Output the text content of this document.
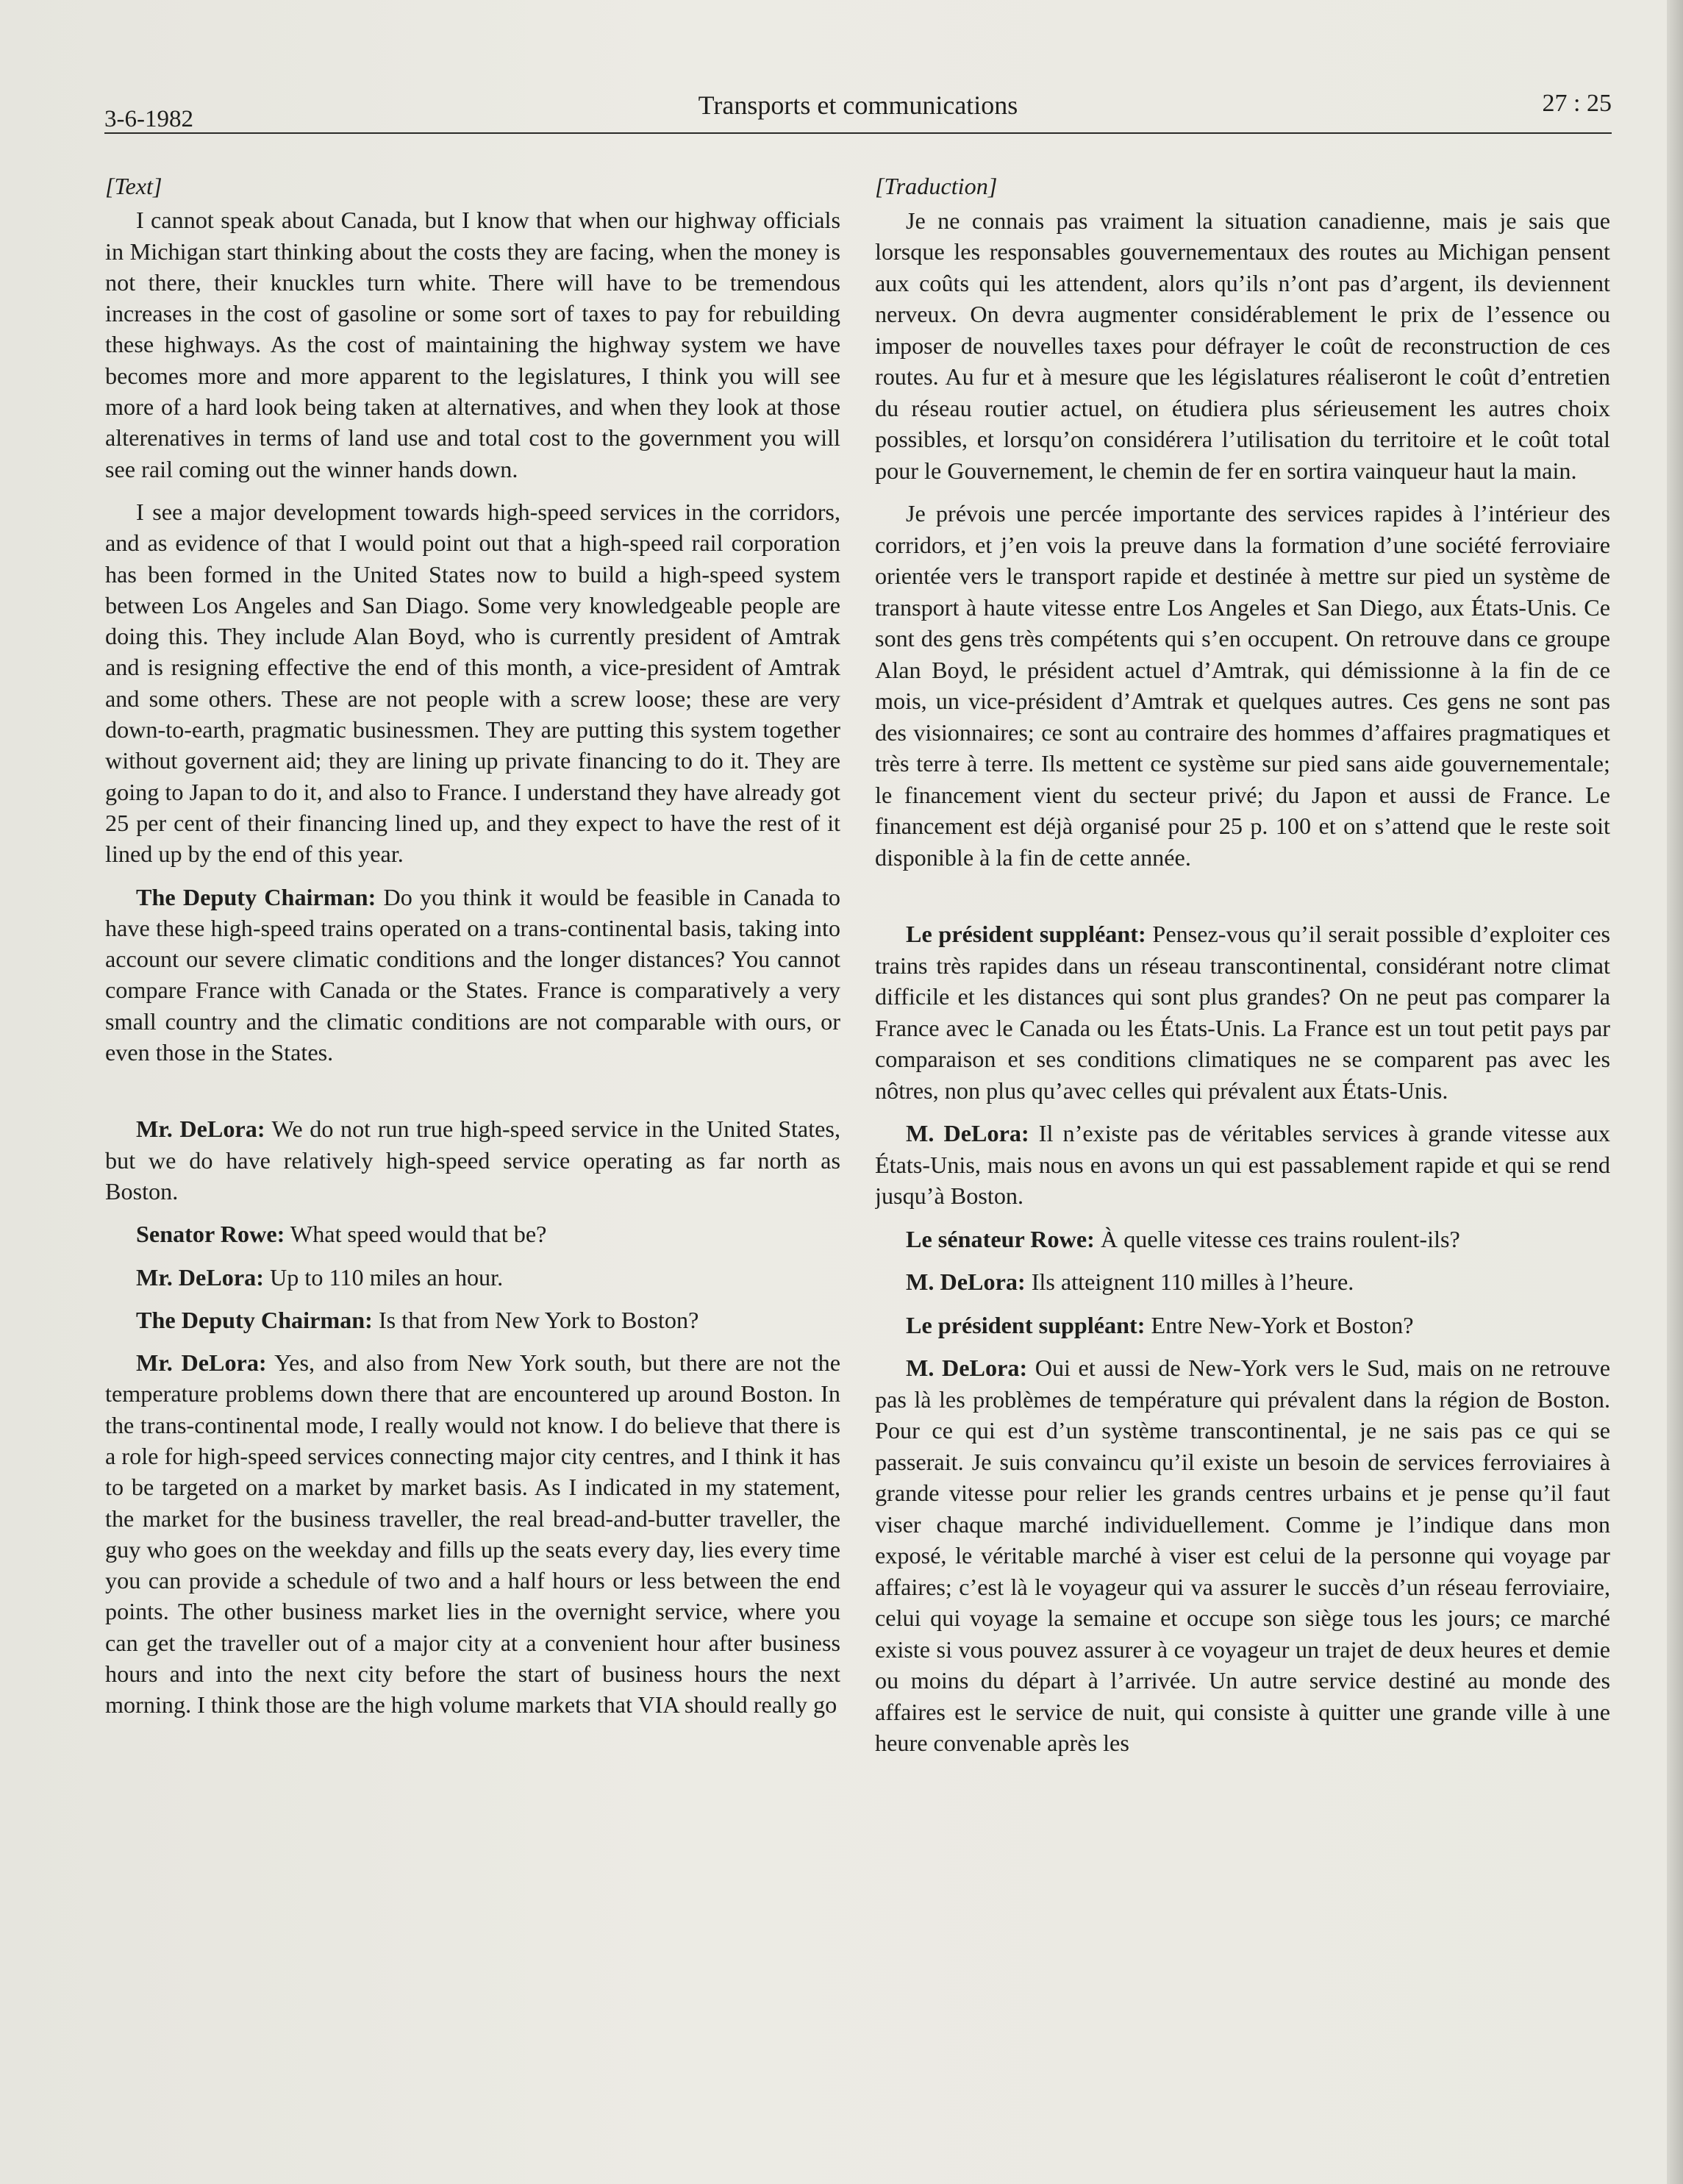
3-6-1982	Transports et communications	27 : 25

[Text]

I cannot speak about Canada, but I know that when our highway officials in Michigan start thinking about the costs they are facing, when the money is not there, their knuckles turn white. There will have to be tremendous increases in the cost of gasoline or some sort of taxes to pay for rebuilding these highways. As the cost of maintaining the highway system we have becomes more and more apparent to the legislatures, I think you will see more of a hard look being taken at alternatives, and when they look at those alterenatives in terms of land use and total cost to the government you will see rail coming out the winner hands down.

I see a major development towards high-speed services in the corridors, and as evidence of that I would point out that a high-speed rail corporation has been formed in the United States now to build a high-speed system between Los Angeles and San Diago. Some very knowledgeable people are doing this. They include Alan Boyd, who is currently president of Amtrak and is resigning effective the end of this month, a vice-president of Amtrak and some others. These are not people with a screw loose; these are very down-to-earth, pragmatic businessmen. They are putting this system together without governent aid; they are lining up private financing to do it. They are going to Japan to do it, and also to France. I understand they have already got 25 per cent of their financing lined up, and they expect to have the rest of it lined up by the end of this year.

The Deputy Chairman: Do you think it would be feasible in Canada to have these high-speed trains operated on a trans-continental basis, taking into account our severe climatic conditions and the longer distances? You cannot compare France with Canada or the States. France is comparatively a very small country and the climatic conditions are not comparable with ours, or even those in the States.

Mr. DeLora: We do not run true high-speed service in the United States, but we do have relatively high-speed service operating as far north as Boston.

Senator Rowe: What speed would that be?

Mr. DeLora: Up to 110 miles an hour.

The Deputy Chairman: Is that from New York to Boston?

Mr. DeLora: Yes, and also from New York south, but there are not the temperature problems down there that are encountered up around Boston. In the trans-continental mode, I really would not know. I do believe that there is a role for high-speed services connecting major city centres, and I think it has to be targeted on a market by market basis. As I indicated in my statement, the market for the business traveller, the real bread-and-butter traveller, the guy who goes on the weekday and fills up the seats every day, lies every time you can provide a schedule of two and a half hours or less between the end points. The other business market lies in the overnight service, where you can get the traveller out of a major city at a convenient hour after business hours and into the next city before the start of business hours the next morning. I think those are the high volume markets that VIA should really go

[Traduction]

Je ne connais pas vraiment la situation canadienne, mais je sais que lorsque les responsables gouvernementaux des routes au Michigan pensent aux coûts qui les attendent, alors qu’ils n’ont pas d’argent, ils deviennent nerveux. On devra augmenter considérablement le prix de l’essence ou imposer de nouvelles taxes pour défrayer le coût de reconstruction de ces routes. Au fur et à mesure que les législatures réaliseront le coût d’entretien du réseau routier actuel, on étudiera plus sérieusement les autres choix possibles, et lorsqu’on considérera l’utilisation du territoire et le coût total pour le Gouvernement, le chemin de fer en sortira vainqueur haut la main.

Je prévois une percée importante des services rapides à l’intérieur des corridors, et j’en vois la preuve dans la formation d’une société ferroviaire orientée vers le transport rapide et destinée à mettre sur pied un système de transport à haute vitesse entre Los Angeles et San Diego, aux États-Unis. Ce sont des gens très compétents qui s’en occupent. On retrouve dans ce groupe Alan Boyd, le président actuel d’Amtrak, qui démissionne à la fin de ce mois, un vice-président d’Amtrak et quelques autres. Ces gens ne sont pas des visionnaires; ce sont au contraire des hommes d’affaires pragmatiques et très terre à terre. Ils mettent ce système sur pied sans aide gouvernementale; le financement vient du secteur privé; du Japon et aussi de France. Le financement est déjà organisé pour 25 p. 100 et on s’attend que le reste soit disponible à la fin de cette année.

Le président suppléant: Pensez-vous qu’il serait possible d’exploiter ces trains très rapides dans un réseau transcontinental, considérant notre climat difficile et les distances qui sont plus grandes? On ne peut pas comparer la France avec le Canada ou les États-Unis. La France est un tout petit pays par comparaison et ses conditions climatiques ne se comparent pas avec les nôtres, non plus qu’avec celles qui prévalent aux États-Unis.

M. DeLora: Il n’existe pas de véritables services à grande vitesse aux États-Unis, mais nous en avons un qui est passablement rapide et qui se rend jusqu’à Boston.

Le sénateur Rowe: À quelle vitesse ces trains roulent-ils?

M. DeLora: Ils atteignent 110 milles à l’heure.

Le président suppléant: Entre New-York et Boston?

M. DeLora: Oui et aussi de New-York vers le Sud, mais on ne retrouve pas là les problèmes de température qui prévalent dans la région de Boston. Pour ce qui est d’un système transcontinental, je ne sais pas ce qui se passerait. Je suis convaincu qu’il existe un besoin de services ferroviaires à grande vitesse pour relier les grands centres urbains et je pense qu’il faut viser chaque marché individuellement. Comme je l’indique dans mon exposé, le véritable marché à viser est celui de la personne qui voyage par affaires; c’est là le voyageur qui va assurer le succès d’un réseau ferroviaire, celui qui voyage la semaine et occupe son siège tous les jours; ce marché existe si vous pouvez assurer à ce voyageur un trajet de deux heures et demie ou moins du départ à l’arrivée. Un autre service destiné au monde des affaires est le service de nuit, qui consiste à quitter une grande ville à une heure convenable après les
